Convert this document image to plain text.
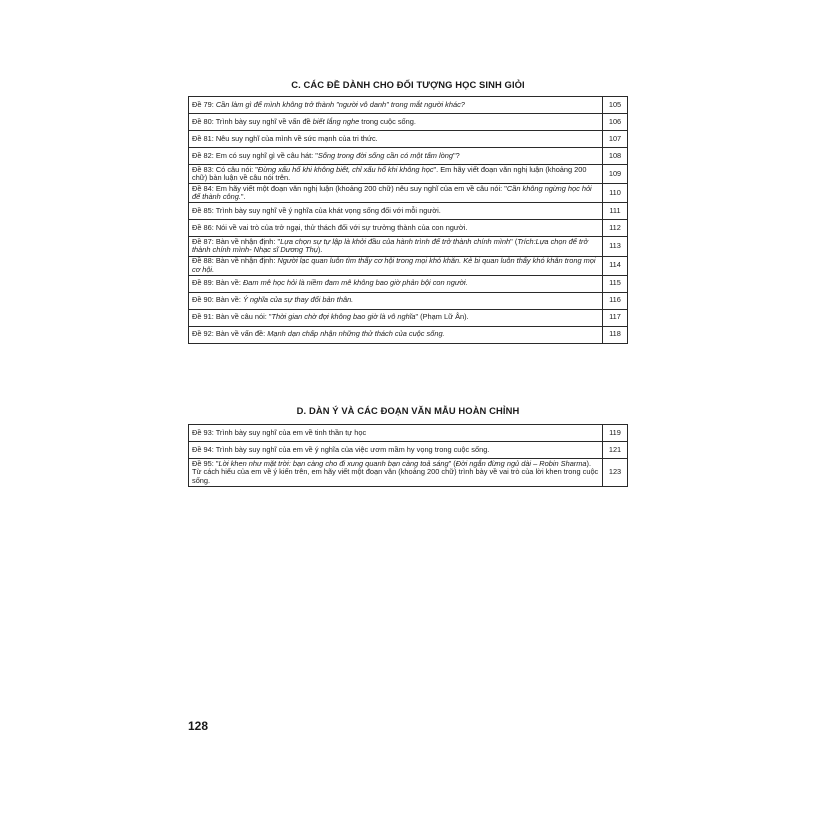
C. CÁC ĐỀ DÀNH CHO ĐỐI TƯỢNG HỌC SINH GIỎI
Đề 79: Cần làm gì để mình không trở thành "người vô danh" trong mắt người khác?	105
Đề 80: Trình bày suy nghĩ về vấn đề biết lắng nghe trong cuộc sống.	106
Đề 81: Nêu suy nghĩ của mình về sức mạnh của tri thức.	107
Đề 82: Em có suy nghĩ gì về câu hát: "Sống trong đời sống cần có một tấm lòng"?	108
Đề 83: Có câu nói: "Đừng xấu hổ khi không biết, chỉ xấu hổ khi không học". Em hãy viết đoạn văn nghị luận (khoảng 200 chữ) bàn luận về câu nói trên.	109
Đề 84: Em hãy viết một đoạn văn nghị luận (khoảng 200 chữ) nêu suy nghĩ của em về câu nói: "Cần không ngừng học hỏi để thành công.".	110
Đề 85: Trình bày suy nghĩ về ý nghĩa của khát vọng sống đối với mỗi người.	111
Đề 86: Nói về vai trò của trở ngại, thử thách đối với sự trưởng thành của con người.	112
Đề 87: Bàn về nhận định: "Lựa chọn sự tự lập là khởi đầu của hành trình để trở thành chính mình" (Trích:Lựa chọn để trở thành chính mình- Nhạc sĩ Dương Thụ).	113
Đề 88: Bàn về nhận định: Người lạc quan luôn tìm thấy cơ hội trong mọi khó khăn. Kẻ bi quan luôn thấy khó khăn trong mọi cơ hội.	114
Đề 89: Bàn về: Đam mê học hỏi là niềm đam mê không bao giờ phản bội con người.	115
Đề 90: Bàn về: Ý nghĩa của sự thay đổi bản thân.	116
Đề 91: Bàn về câu nói: "Thời gian chờ đợi không bao giờ là vô nghĩa" (Phạm Lữ Ân).	117
Đề 92: Bàn về vấn đề: Mạnh dạn chấp nhận những thử thách của cuộc sống.	118
D. DÀN Ý VÀ CÁC ĐOẠN VĂN MẪU HOÀN CHỈNH
Đề 93: Trình bày suy nghĩ của em về tinh thần tự học	119
Đề 94: Trình bày suy nghĩ của em về ý nghĩa của việc ươm mầm hy vọng trong cuộc sống.	121
Đề 95: "Lời khen như mặt trời: bạn càng cho đi xung quanh bạn càng toả sáng" (Đời ngắn đừng ngủ dài – Robin Sharma). Từ cách hiểu của em về ý kiến trên, em hãy viết một đoạn văn (khoảng 200 chữ) trình bày về vai trò của lời khen trong cuộc sống.	123
128
